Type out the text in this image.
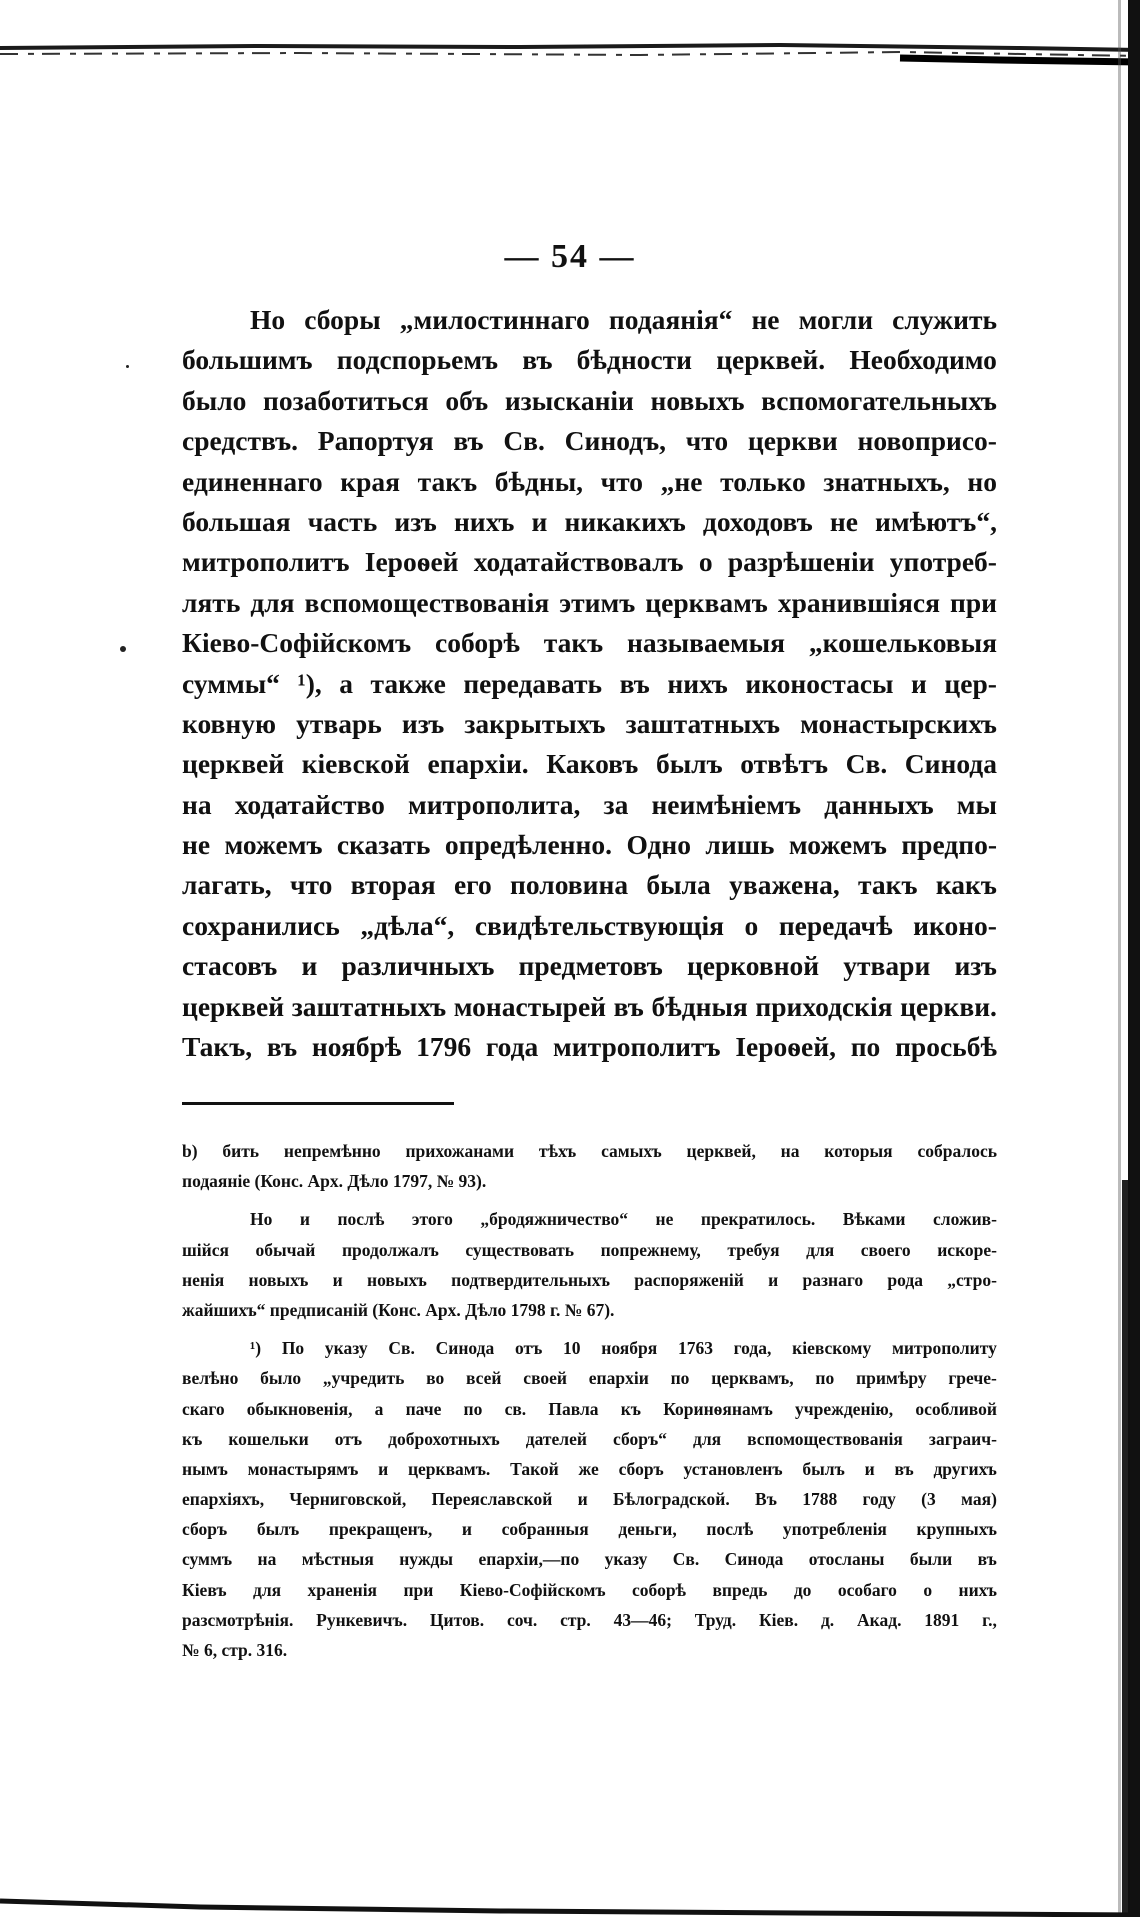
— 54 —
Но сборы „милостиннаго подаянія“ не могли служить
большимъ подспорьемъ въ бѣдности церквей. Необходимо
было позаботиться объ изысканіи новыхъ вспомогательныхъ
средствъ. Рапортуя въ Св. Синодъ, что церкви новоприсо-
единеннаго края такъ бѣдны, что „не только знатныхъ, но
большая часть изъ нихъ и никакихъ доходовъ не имѣютъ“,
митрополитъ Іероѳей ходатайствовалъ о разрѣшеніи употреб-
лять для вспомоществованія этимъ церквамъ хранившіяся при
Кіево-Софійскомъ соборѣ такъ называемыя „кошельковыя
суммы“ ¹), а также передавать въ нихъ иконостасы и цер-
ковную утварь изъ закрытыхъ заштатныхъ монастырскихъ
церквей кіевской епархіи. Каковъ былъ отвѣтъ Св. Синода
на ходатайство митрополита, за неимѣніемъ данныхъ мы
не можемъ сказать опредѣленно. Одно лишь можемъ предпо-
лагать, что вторая его половина была уважена, такъ какъ
сохранились „дѣла“, свидѣтельствующія о передачѣ иконо-
стасовъ и различныхъ предметовъ церковной утвари изъ
церквей заштатныхъ монастырей въ бѣдныя приходскія церкви.
Такъ, въ ноябрѣ 1796 года митрополитъ Іероѳей, по просьбѣ
b) бить непремѣнно прихожанами тѣхъ самыхъ церквей, на которыя собралось
подаяніе (Конс. Арх. Дѣло 1797, № 93).
Но и послѣ этого „бродяжничество“ не прекратилось. Вѣками сложив-
шійся обычай продолжалъ существовать попрежнему, требуя для своего искоре-
ненія новыхъ и новыхъ подтвердительныхъ распоряженій и разнаго рода „стро-
жайшихъ“ предписаній (Конс. Арх. Дѣло 1798 г. № 67).
¹) По указу Св. Синода отъ 10 ноября 1763 года, кіевскому митрополиту
велѣно было „учредить во всей своей епархіи по церквамъ, по примѣру грече-
скаго обыкновенія, а паче по св. Павла къ Коринѳянамъ учрежденію, особливой
къ кошельки отъ доброхотныхъ дателей сборъ“ для вспомоществованія заграич-
нымъ монастырямъ и церквамъ. Такой же сборъ установленъ былъ и въ другихъ
епархіяхъ, Черниговской, Переяславской и Бѣлоградской. Въ 1788 году (3 мая)
сборъ былъ прекращенъ, и собранныя деньги, послѣ употребленія крупныхъ
суммъ на мѣстныя нужды епархіи,—по указу Св. Синода отосланы были въ
Кіевъ для храненія при Кіево-Софійскомъ соборѣ впредь до особаго о нихъ
разсмотрѣнія. Рункевичъ. Цитов. соч. стр. 43—46; Труд. Кіев. д. Акад. 1891 г.,
№ 6, стр. 316.
